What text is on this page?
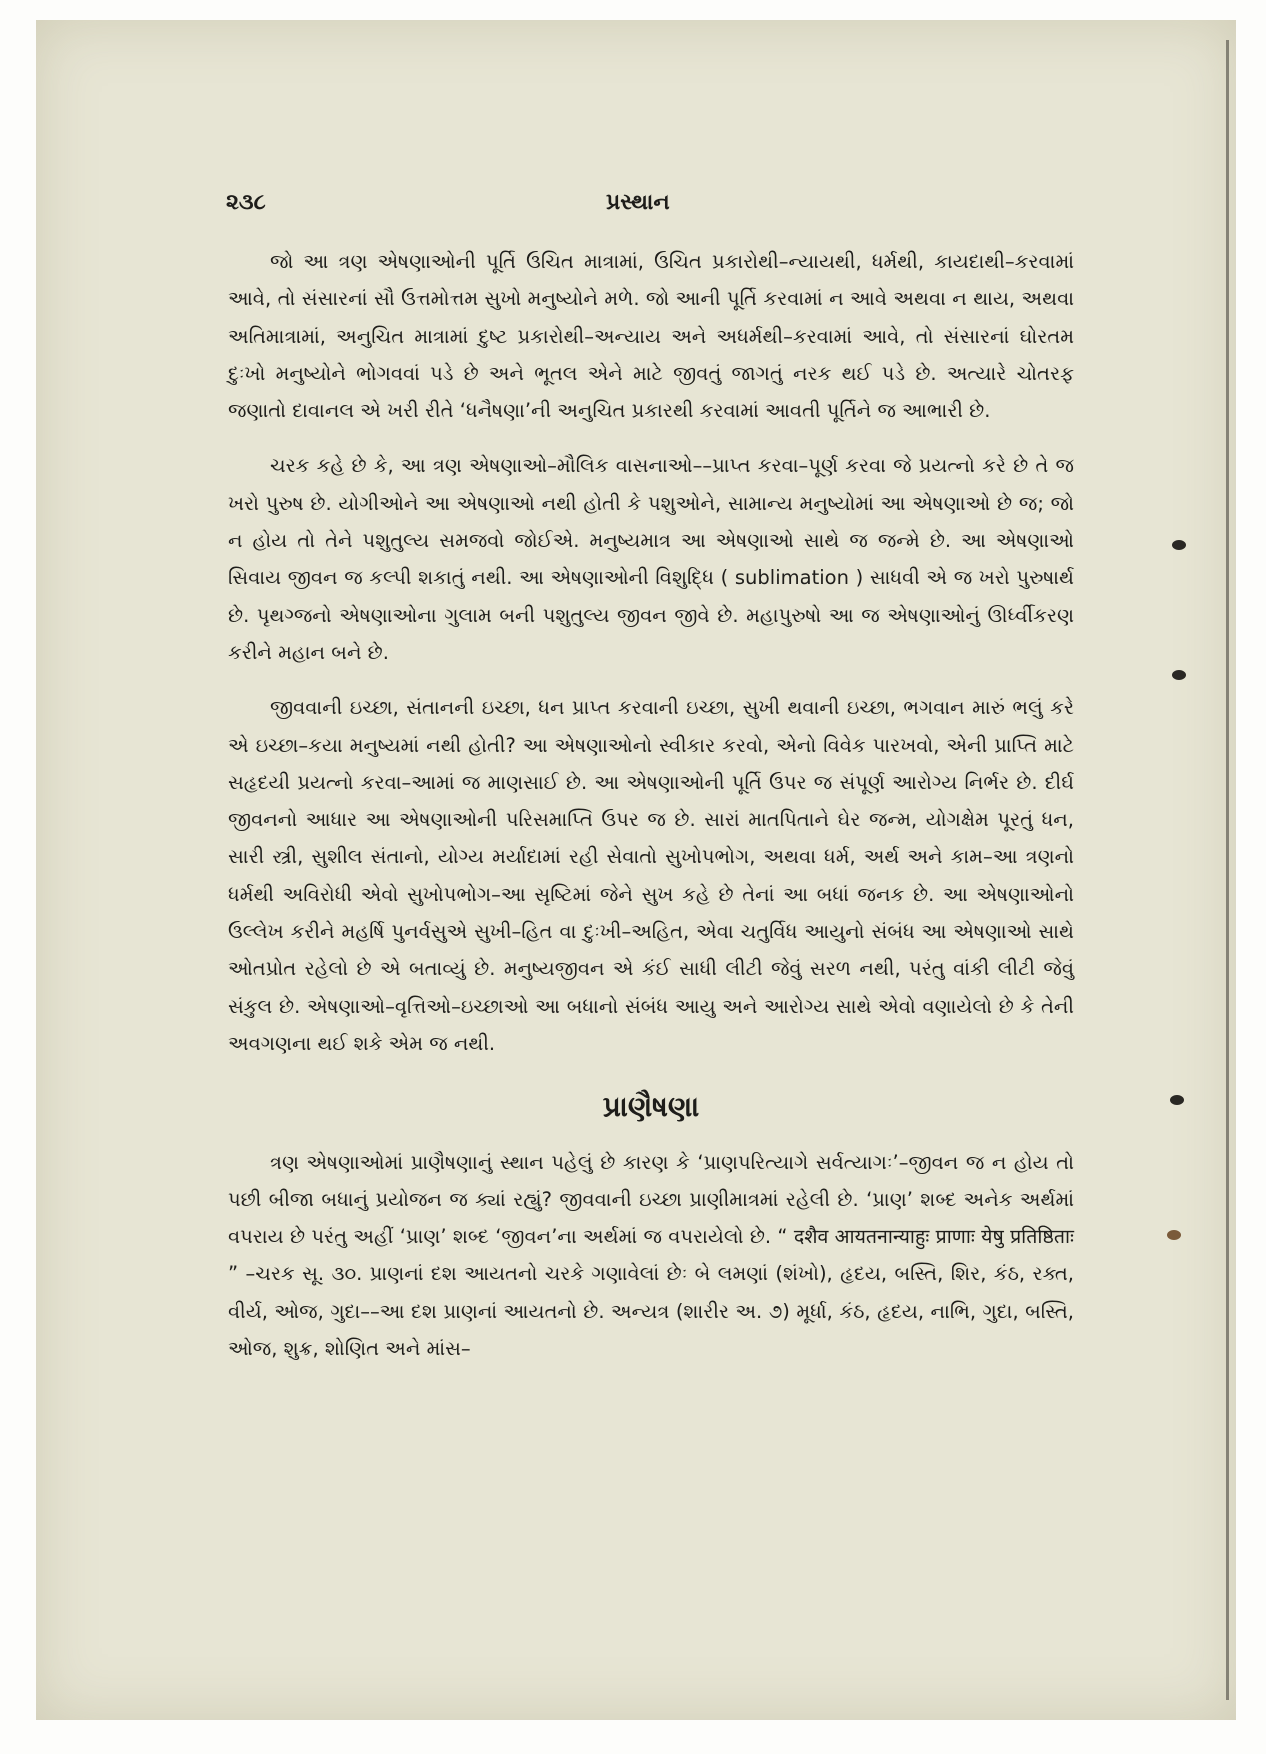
૨૩૮	પ્રસ્થાન

જો આ ત્રણ એષણાઓની પૂર્તિ ઉચિત માત્રામાં, ઉચિત પ્રકારોથી–ન્યાયથી, ધર્મથી, કાયદાથી–કરવામાં આવે, તો સંસારનાં સૌ ઉત્તમોત્તમ સુખો મનુષ્યોને મળે. જો આની પૂર્તિ કરવામાં ન આવે અથવા ન થાય, અથવા અતિમાત્રામાં, અનુચિત માત્રામાં દુષ્ટ પ્રકારોથી–અન્યાય અને અધર્મથી–કરવામાં આવે, તો સંસારનાં ઘોરતમ દુઃખો મનુષ્યોને ભોગવવાં પડે છે અને ભૂતલ એને માટે જીવતું જાગતું નરક થઈ પડે છે. અત્યારે ચોતરફ જણાતો દાવાનલ એ ખરી રીતે ‘ધનૈષણા’ની અનુચિત પ્રકારથી કરવામાં આવતી પૂર્તિને જ આભારી છે.

ચરક કહે છે કે, આ ત્રણ એષણાઓ–મૌલિક વાસનાઓ––પ્રાપ્ત કરવા–પૂર્ણ કરવા જે પ્રયત્નો કરે છે તે જ ખરો પુરુષ છે. યોગીઓને આ એષણાઓ નથી હોતી કે પશુઓને, સામાન્ય મનુષ્યોમાં આ એષણાઓ છે જ; જો ન હોય તો તેને પશુતુલ્ય સમજવો જોઈએ. મનુષ્યમાત્ર આ એષણાઓ સાથે જ જન્મે છે. આ એષણાઓ સિવાય જીવન જ કલ્પી શકાતું નથી. આ એષણાઓની વિશુદ્ધિ ( sublimation ) સાધવી એ જ ખરો પુરુષાર્થ છે. પૃથગ્જનો એષણાઓના ગુલામ બની પશુતુલ્ય જીવન જીવે છે. મહાપુરુષો આ જ એષણાઓનું ઊર્ધ્વીકરણ કરીને મહાન બને છે.

જીવવાની ઇચ્છા, સંતાનની ઇચ્છા, ધન પ્રાપ્ત કરવાની ઇચ્છા, સુખી થવાની ઇચ્છા, ભગવાન મારું ભલું કરે એ ઇચ્છા–કયા મનુષ્યમાં નથી હોતી? આ એષણાઓનો સ્વીકાર કરવો, એનો વિવેક પારખવો, એની પ્રાપ્તિ માટે સહૃદયી પ્રયત્નો કરવા–આમાં જ માણસાઈ છે. આ એષણાઓની પૂર્તિ ઉપર જ સંપૂર્ણ આરોગ્ય નિર્ભર છે. દીર્ઘ જીવનનો આધાર આ એષણાઓની પરિસમાપ્તિ ઉપર જ છે. સારાં માતપિતાને ઘેર જન્મ, યોગક્ષેમ પૂરતું ધન, સારી સ્ત્રી, સુશીલ સંતાનો, યોગ્ય મર્યાદામાં રહી સેવાતો સુખોપભોગ, અથવા ધર્મ, અર્થ અને કામ–આ ત્રણનો ધર્મથી અવિરોધી એવો સુખોપભોગ–આ સૃષ્ટિમાં જેને સુખ કહે છે તેનાં આ બધાં જનક છે. આ એષણાઓનો ઉલ્લેખ કરીને મહર્ષિ પુનર્વસુએ સુખી–હિત વા દુઃખી–અહિત, એવા ચતુર્વિધ આયુનો સંબંધ આ એષણાઓ સાથે ઓતપ્રોત રહેલો છે એ બતાવ્યું છે. મનુષ્યજીવન એ કંઈ સાધી લીટી જેવું સરળ નથી, પરંતુ વાંકી લીટી જેવું સંકુલ છે. એષણાઓ–વૃત્તિઓ–ઇચ્છાઓ આ બધાનો સંબંધ આયુ અને આરોગ્ય સાથે એવો વણાયેલો છે કે તેની અવગણના થઈ શકે એમ જ નથી.

પ્રાણૈષણા

ત્રણ એષણાઓમાં પ્રાણૈષણાનું સ્થાન પહેલું છે કારણ કે ‘પ્રાણપરિત્યાગે સર્વત્યાગઃ’–જીવન જ ન હોય તો પછી બીજા બધાનું પ્રયોજન જ ક્યાં રહ્યું? જીવવાની ઇચ્છા પ્રાણીમાત્રમાં રહેલી છે. ‘પ્રાણ’ શબ્દ અનેક અર્થમાં વપરાય છે પરંતુ અહીં ‘પ્રાણ’ શબ્દ ‘જીવન’ના અર્થમાં જ વપરાયેલો છે. “ दशैव आयतनान्याहुः प्राणाः येषु प्रतिष्ठिताः ” –ચરક સૂ. ૩૦. પ્રાણનાં દશ આયતનો ચરકે ગણાવેલાં છેઃ બે લમણાં (શંખો), હૃદય, બસ્તિ, શિર, કંઠ, રક્ત, વીર્ય, ઓજ, ગુદા––આ દશ પ્રાણનાં આયતનો છે. અન્યત્ર (શારીર અ. ૭) મૂર્ધા, કંઠ, હૃદય, નાભિ, ગુદા, બસ્તિ, ઓજ, શુક્ર, શોણિત અને માંસ–
